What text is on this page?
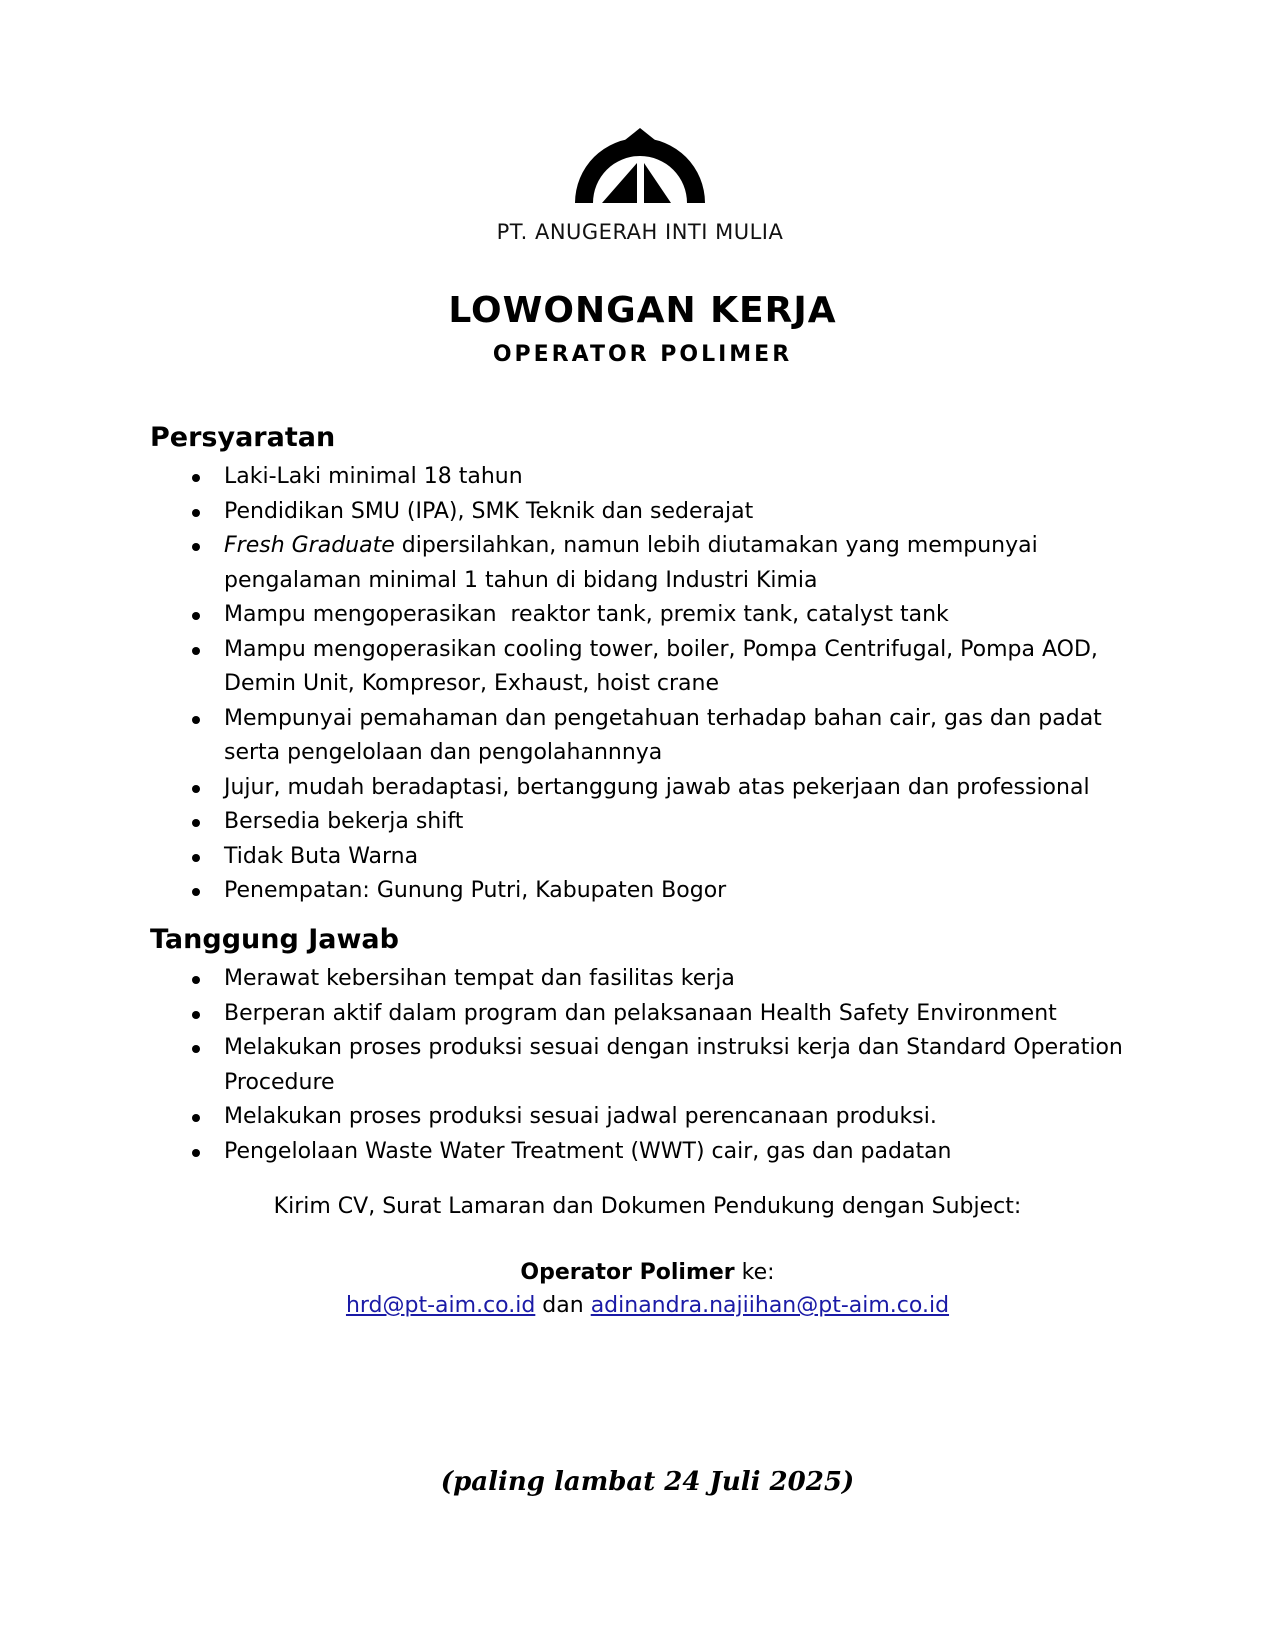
PT. ANUGERAH INTI MULIA
LOWONGAN KERJA
OPERATOR POLIMER
Persyaratan
Laki-Laki minimal 18 tahun
Pendidikan SMU (IPA), SMK Teknik dan sederajat
Fresh Graduate dipersilahkan, namun lebih diutamakan yang mempunyai pengalaman minimal 1 tahun di bidang Industri Kimia
Mampu mengoperasikan  reaktor tank, premix tank, catalyst tank
Mampu mengoperasikan cooling tower, boiler, Pompa Centrifugal, Pompa AOD, Demin Unit, Kompresor, Exhaust, hoist crane
Mempunyai pemahaman dan pengetahuan terhadap bahan cair, gas dan padat serta pengelolaan dan pengolahannnya
Jujur, mudah beradaptasi, bertanggung jawab atas pekerjaan dan professional
Bersedia bekerja shift
Tidak Buta Warna
Penempatan: Gunung Putri, Kabupaten Bogor
Tanggung Jawab
Merawat kebersihan tempat dan fasilitas kerja
Berperan aktif dalam program dan pelaksanaan Health Safety Environment
Melakukan proses produksi sesuai dengan instruksi kerja dan Standard Operation Procedure
Melakukan proses produksi sesuai jadwal perencanaan produksi.
Pengelolaan Waste Water Treatment (WWT) cair, gas dan padatan
Kirim CV, Surat Lamaran dan Dokumen Pendukung dengan Subject:
Operator Polimer ke:
hrd@pt-aim.co.id dan adinandra.najiihan@pt-aim.co.id
(paling lambat 24 Juli 2025)
